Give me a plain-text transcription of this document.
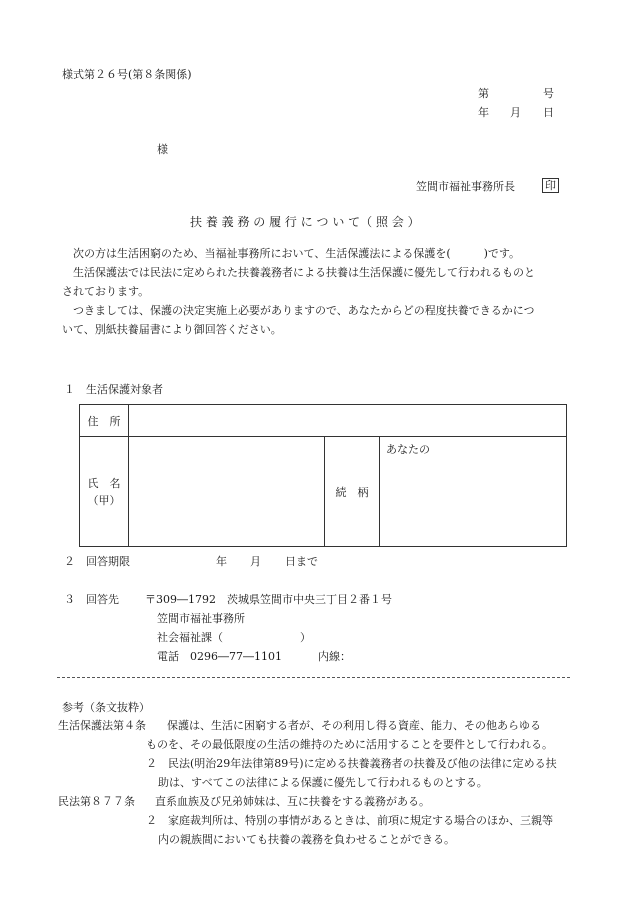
様式第２６号(第８条関係)
第	号
年 月 日
様
笠間市福祉事務所長	印
扶 養 義 務 の 履 行 に つ い て（ 照 会 ）

　次の方は生活困窮のため、当福祉事務所において、生活保護法による保護を(　　　)です。

　生活保護法では民法に定められた扶養義務者による扶養は生活保護に優先して行われるものと

されております。

　つきましては、保護の決定実施上必要がありますので、あなたからどの程度扶養できるかにつ

いて、別紙扶養届書により御回答ください。

１　生活保護対象者
住　所			

氏　名
（甲）		続　柄	あなたの
２　回答期限	年 月 日まで
３　回答先 〒309―1792　茨城県笠間市中央三丁目２番１号
笠間市福祉事務所
社会福祉課（　　　　　　　）
電話　0296―77―1101	内線：
参考（条文抜粋）
生活保護法第４条 保護は、生活に困窮する者が、その利用し得る資産、能力、その他あらゆる
ものを、その最低限度の生活の維持のために活用することを要件として行われる。
２　民法(明治29年法律第89号)に定める扶養義務者の扶養及び他の法律に定める扶
助は、すべてこの法律による保護に優先して行われるものとする。
民法第８７７条 直系血族及び兄弟姉妹は、互に扶養をする義務がある。
２　家庭裁判所は、特別の事情があるときは、前項に規定する場合のほか、三親等
内の親族間においても扶養の義務を負わせることができる。
